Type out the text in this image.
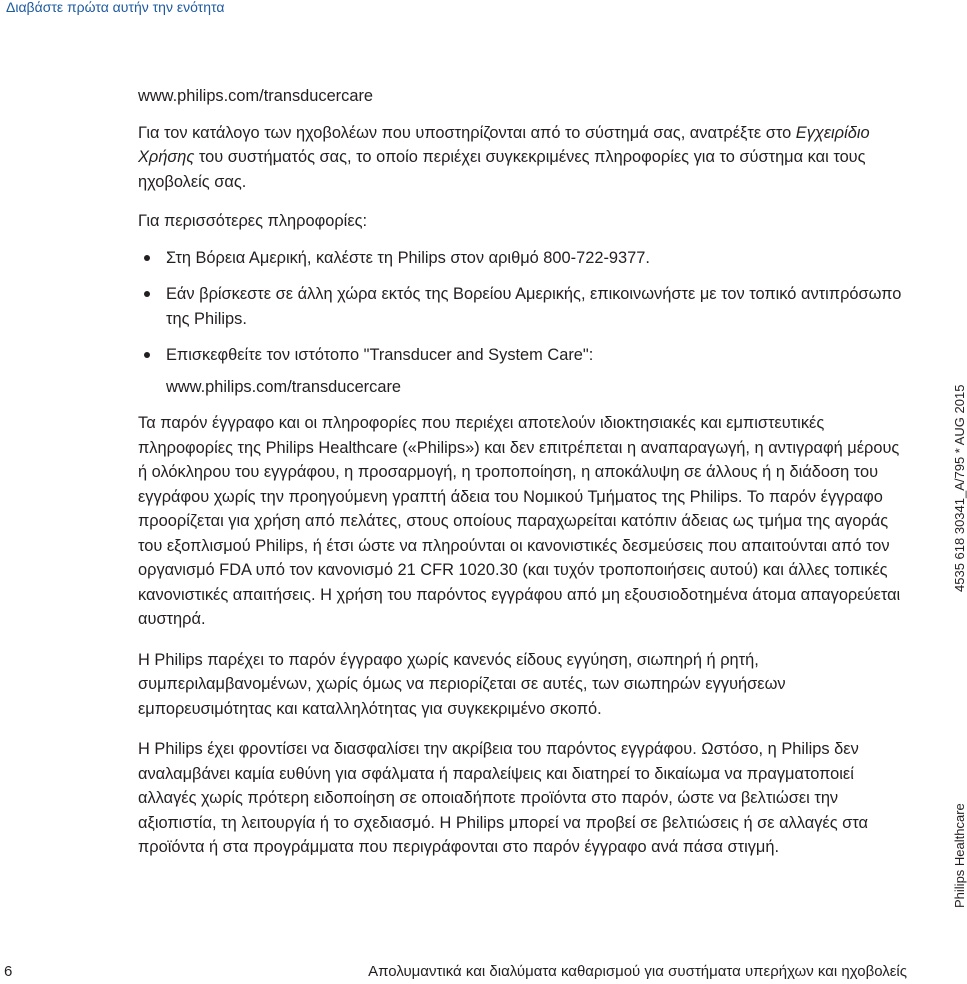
Διαβάστε πρώτα αυτήν την ενότητα

www.philips.com/transducercare

Για τον κατάλογο των ηχοβολέων που υποστηρίζονται από το σύστημά σας, ανατρέξτε στο Εγχειρίδιο Χρήσης του συστήματός σας, το οποίο περιέχει συγκεκριμένες πληροφορίες για το σύστημα και τους ηχοβολείς σας.

Για περισσότερες πληροφορίες:

Στη Βόρεια Αμερική, καλέστε τη Philips στον αριθμό 800-722-9377.
Εάν βρίσκεστε σε άλλη χώρα εκτός της Βορείου Αμερικής, επικοινωνήστε με τον τοπικό αντιπρόσωπο της Philips.
Επισκεφθείτε τον ιστότοπο "Transducer and System Care":
www.philips.com/transducercare

Τα παρόν έγγραφο και οι πληροφορίες που περιέχει αποτελούν ιδιοκτησιακές και εμπιστευτικές πληροφορίες της Philips Healthcare («Philips») και δεν επιτρέπεται η αναπαραγωγή, η αντιγραφή μέρους ή ολόκληρου του εγγράφου, η προσαρμογή, η τροποποίηση, η αποκάλυψη σε άλλους ή η διάδοση του εγγράφου χωρίς την προηγούμενη γραπτή άδεια του Νομικού Τμήματος της Philips. Το παρόν έγγραφο προορίζεται για χρήση από πελάτες, στους οποίους παραχωρείται κατόπιν άδειας ως τμήμα της αγοράς του εξοπλισμού Philips, ή έτσι ώστε να πληρούνται οι κανονιστικές δεσμεύσεις που απαιτούνται από τον οργανισμό FDA υπό τον κανονισμό 21 CFR 1020.30 (και τυχόν τροποποιήσεις αυτού) και άλλες τοπικές κανονιστικές απαιτήσεις. Η χρήση του παρόντος εγγράφου από μη εξουσιοδοτημένα άτομα απαγορεύεται αυστηρά.

Η Philips παρέχει το παρόν έγγραφο χωρίς κανενός είδους εγγύηση, σιωπηρή ή ρητή, συμπεριλαμβανομένων, χωρίς όμως να περιορίζεται σε αυτές, των σιωπηρών εγγυήσεων εμπορευσιμότητας και καταλληλότητας για συγκεκριμένο σκοπό.

Η Philips έχει φροντίσει να διασφαλίσει την ακρίβεια του παρόντος εγγράφου. Ωστόσο, η Philips δεν αναλαμβάνει καμία ευθύνη για σφάλματα ή παραλείψεις και διατηρεί το δικαίωμα να πραγματοποιεί αλλαγές χωρίς πρότερη ειδοποίηση σε οποιαδήποτε προϊόντα στο παρόν, ώστε να βελτιώσει την αξιοπιστία, τη λειτουργία ή το σχεδιασμό. Η Philips μπορεί να προβεί σε βελτιώσεις ή σε αλλαγές στα προϊόντα ή στα προγράμματα που περιγράφονται στο παρόν έγγραφο ανά πάσα στιγμή.

4535 618 30341_A/795 * AUG 2015
Philips Healthcare
6	Απολυμαντικά και διαλύματα καθαρισμού για συστήματα υπερήχων και ηχοβολείς
